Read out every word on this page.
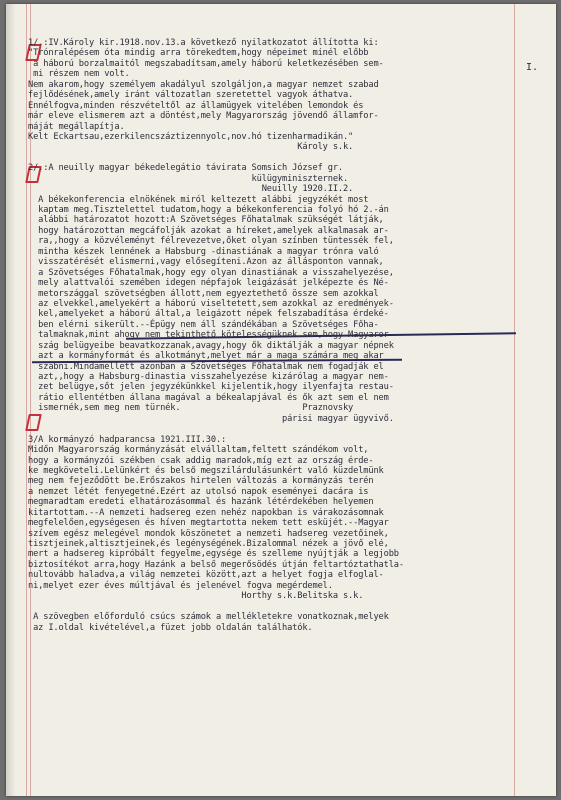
I.
1/.:IV.Károly kir.1918.nov.13.a következő nyilatkozatot állította ki:
"Trónralépésem óta mindig arra törekedtem,hogy népeimet minél előbb
a háború borzalmaitól megszabadítsam,amely háború keletkezésében sem-
mi részem nem volt.
Nem akarom,hogy személyem akadályul szolgáljon,a magyar nemzet szabad
fejlődésének,amely iránt változatlan szeretettel vagyok áthatva.
Ennélfogva,minden részvételtől az államügyek vitelében lemondok és
már eleve elismerem azt a döntést,mely Magyarország jövendő államfor-
máját megállapítja.
Kelt Eckartsau,ezerkilencszáztizennyolc,nov.hó tizenharmadikán."
Károly s.k.
2/.:A neuilly magyar békedelegátio távirata Somsich József gr.
külügyminiszternek.
Neuilly 1920.II.2.
A békekonferencia elnökének miról keltezett alábbi jegyzékét most
kaptam meg.Tisztelettel tudatom,hogy a békekonferencia folyó hó 2.-án
alábbi határozatot hozott:A Szövetséges Főhatalmak szükségét látják,
hogy határozottan megcáfolják azokat a híreket,amelyek alkalmasak ar-
ra,,hogy a közvéleményt félrevezetve,őket olyan színben tüntessék fel,
mintha készek lennének a Habsburg -dinastiának a magyar trónra való
visszatérését elismerni,vagy elősegíteni.Azon az állásponton vannak,
a Szövetséges Főhatalmak,hogy egy olyan dinastiának a visszahelyezése,
mely alattvalói szemében idegen népfajok leigázását jelképezte és Né-
metországgal szövetségben állott,nem egyeztethető össze sem azokkal
az elvekkel,amelyekért a háború viseltetett,sem azokkal az eredmények-
kel,amelyeket a háború által,a leigázott népek felszabadítása érdeké-
ben elérni sikerült.--Épügy nem áll szándékában a Szövetséges Főha-
talmaknak,mint ahogy nem tekinthető kötelességüknek sem,hogy Magyaror-
szág belügyeibe beavatkozzanak,avagy,hogy ők diktálják a magyar népnek
azt a kormányformát és alkotmányt,melyet már a maga számára meg akar
szabni.Mindamellett azonban a Szövetséges Főhatalmak nem fogadják el
azt,,hogy a Habsburg-dinastia visszahelyezése kizárólag a magyar nem-
zet belügye,sőt jelen jegyzékünkkel kijelentik,hogy ilyenfajta restau-
rátio ellentétben állana magával a békealapjával és ők azt sem el nem
ismernék,sem meg nem türnék.                        Praznovsky
párisi magyar ügyvivő.
3/A kormányzó hadparancsa 1921.III.30.:
Midőn Magyarország kormányzását elvállaltam,feltett szándékom volt,
hogy a kormányzói székben csak addig maradok,míg ezt az ország érde-
ke megköveteli.Lelünkért és belső megszilárdulásunkért való küzdelmünk
meg nem fejeződött be.Erőszakos hirtelen változás a kormányzás terén
a nemzet létét fenyegetné.Ezért az utolsó napok eseményei dacára is
megmaradtam eredeti elhatározásommal és hazánk létérdekében helyemen
kitartottam.--A nemzeti hadsereg ezen nehéz napokban is várakozásomnak
megfelelően,egységesen és híven megtartotta nekem tett esküjét.--Magyar
szívem egész melegével mondok köszönetet a nemzeti hadsereg vezetőinek,
tisztjeinek,altisztjeinek,és legénységének.Bizalommal nézek a jövő elé,
mert a hadsereg kipróbált fegyelme,egysége és szelleme nyújtják a legjobb
biztosítékot arra,hogy Hazánk a belső megerősödés útján feltartóztathatla-
nultovább haladva,a világ nemzetei között,azt a helyet fogja elfoglal-
ni,melyet ezer éves múltjával és jelenével fogva megérdemel.
Horthy s.k.Belitska s.k.
A szövegben előforduló csúcs számok a mellékletekre vonatkoznak,melyek
az I.oldal kivételével,a füzet jobb oldalán találhatók.
